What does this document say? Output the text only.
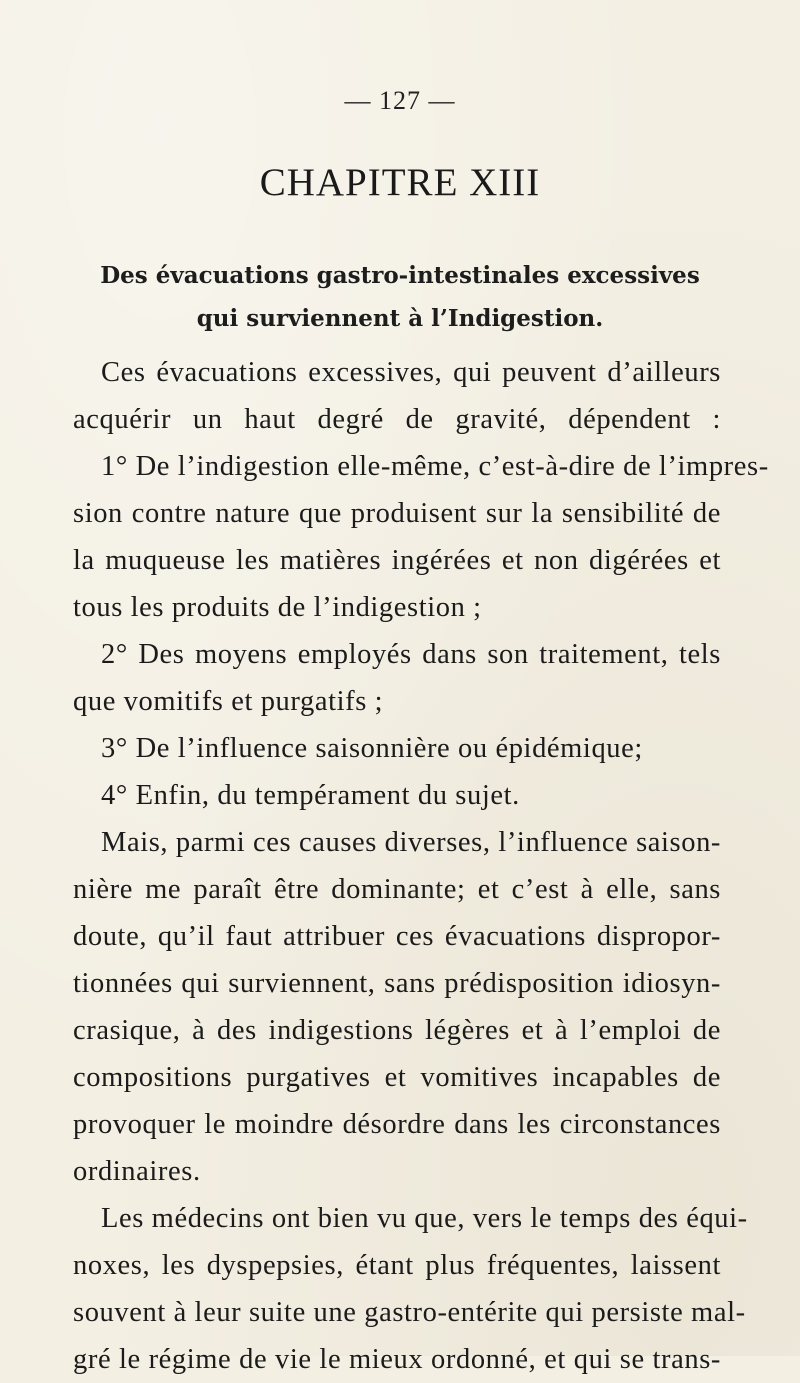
— 127 —
CHAPITRE XIII
Des évacuations gastro-intestinales excessives
qui surviennent à l’Indigestion.
Ces évacuations excessives, qui peuvent d’ailleurs
acquérir un haut degré de gravité, dépendent :
1° De l’indigestion elle-même, c’est-à-dire de l’impres-
sion contre nature que produisent sur la sensibilité de
la muqueuse les matières ingérées et non digérées et
tous les produits de l’indigestion ;
2° Des moyens employés dans son traitement, tels
que vomitifs et purgatifs ;
3° De l’influence saisonnière ou épidémique;
4° Enfin, du tempérament du sujet.
Mais, parmi ces causes diverses, l’influence saison-
nière me paraît être dominante; et c’est à elle, sans
doute, qu’il faut attribuer ces évacuations dispropor-
tionnées qui surviennent, sans prédisposition idiosyn-
crasique, à des indigestions légères et à l’emploi de
compositions purgatives et vomitives incapables de
provoquer le moindre désordre dans les circonstances
ordinaires.
Les médecins ont bien vu que, vers le temps des équi-
noxes, les dyspepsies, étant plus fréquentes, laissent
souvent à leur suite une gastro-entérite qui persiste mal-
gré le régime de vie le mieux ordonné, et qui se trans-
